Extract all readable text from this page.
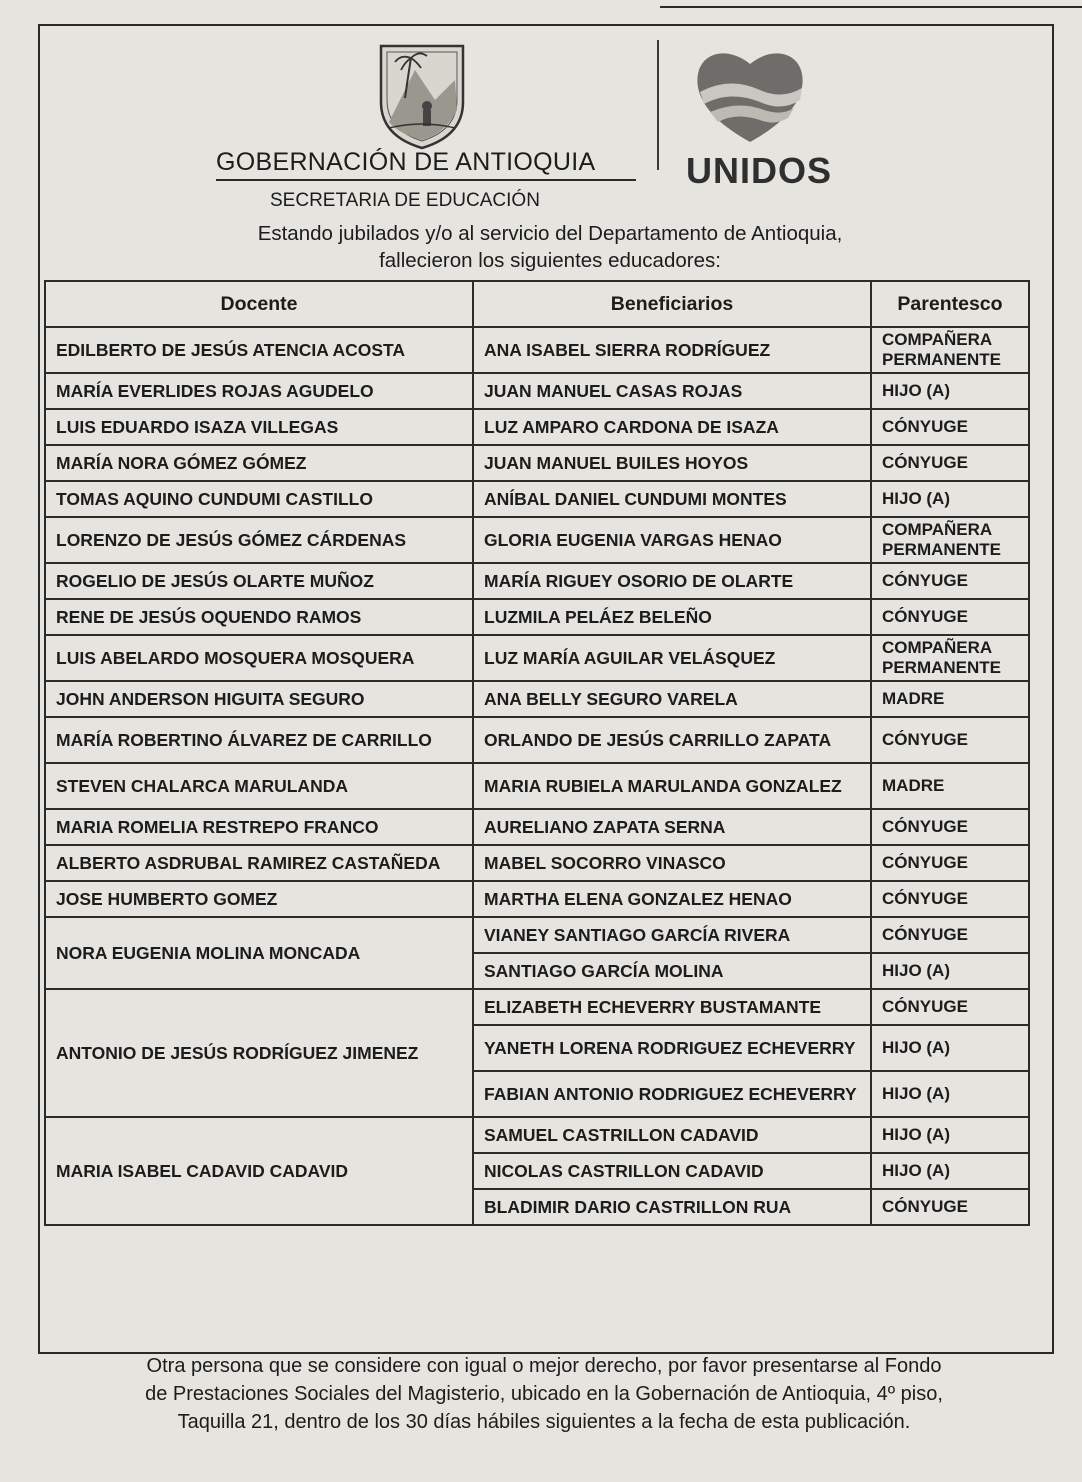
GOBERNACIÓN DE ANTIOQUIA	UNIDOS
SECRETARIA DE EDUCACIÓN
Estando jubilados y/o al servicio del Departamento de Antioquia,
fallecieron los siguientes educadores:
Docente	Beneficiarios	Parentesco
EDILBERTO DE JESÚS ATENCIA ACOSTA	ANA ISABEL SIERRA RODRÍGUEZ	COMPAÑERA PERMANENTE
MARÍA EVERLIDES ROJAS AGUDELO	JUAN MANUEL CASAS ROJAS	HIJO (A)
LUIS EDUARDO ISAZA VILLEGAS	LUZ AMPARO CARDONA DE ISAZA	CÓNYUGE
MARÍA NORA GÓMEZ GÓMEZ	JUAN MANUEL BUILES HOYOS	CÓNYUGE
TOMAS AQUINO CUNDUMI CASTILLO	ANÍBAL DANIEL CUNDUMI MONTES	HIJO (A)
LORENZO DE JESÚS GÓMEZ CÁRDENAS	GLORIA EUGENIA VARGAS HENAO	COMPAÑERA PERMANENTE
ROGELIO DE JESÚS OLARTE MUÑOZ	MARÍA RIGUEY OSORIO DE OLARTE	CÓNYUGE
RENE DE JESÚS OQUENDO RAMOS	LUZMILA PELÁEZ BELEÑO	CÓNYUGE
LUIS ABELARDO MOSQUERA MOSQUERA	LUZ MARÍA AGUILAR VELÁSQUEZ	COMPAÑERA PERMANENTE
JOHN ANDERSON HIGUITA SEGURO	ANA BELLY SEGURO VARELA	MADRE
MARÍA ROBERTINO ÁLVAREZ DE CARRILLO	ORLANDO DE JESÚS CARRILLO ZAPATA	CÓNYUGE
STEVEN CHALARCA MARULANDA	MARIA RUBIELA MARULANDA GONZALEZ	MADRE
MARIA ROMELIA RESTREPO FRANCO	AURELIANO ZAPATA SERNA	CÓNYUGE
ALBERTO ASDRUBAL RAMIREZ CASTAÑEDA	MABEL SOCORRO VINASCO	CÓNYUGE
JOSE HUMBERTO GOMEZ	MARTHA ELENA GONZALEZ HENAO	CÓNYUGE
NORA EUGENIA MOLINA MONCADA	VIANEY SANTIAGO GARCÍA RIVERA	CÓNYUGE
	SANTIAGO GARCÍA MOLINA	HIJO (A)
ANTONIO DE JESÚS RODRÍGUEZ JIMENEZ	ELIZABETH ECHEVERRY BUSTAMANTE	CÓNYUGE
	YANETH LORENA RODRIGUEZ ECHEVERRY	HIJO (A)
	FABIAN ANTONIO RODRIGUEZ ECHEVERRY	HIJO (A)
MARIA ISABEL CADAVID CADAVID	SAMUEL CASTRILLON CADAVID	HIJO (A)
	NICOLAS CASTRILLON CADAVID	HIJO (A)
	BLADIMIR DARIO CASTRILLON RUA	CÓNYUGE
Otra persona que se considere con igual o mejor derecho, por favor presentarse al Fondo
de Prestaciones Sociales del Magisterio, ubicado en la Gobernación de Antioquia, 4º piso,
Taquilla 21, dentro de los 30 días hábiles siguientes a la fecha de esta publicación.
